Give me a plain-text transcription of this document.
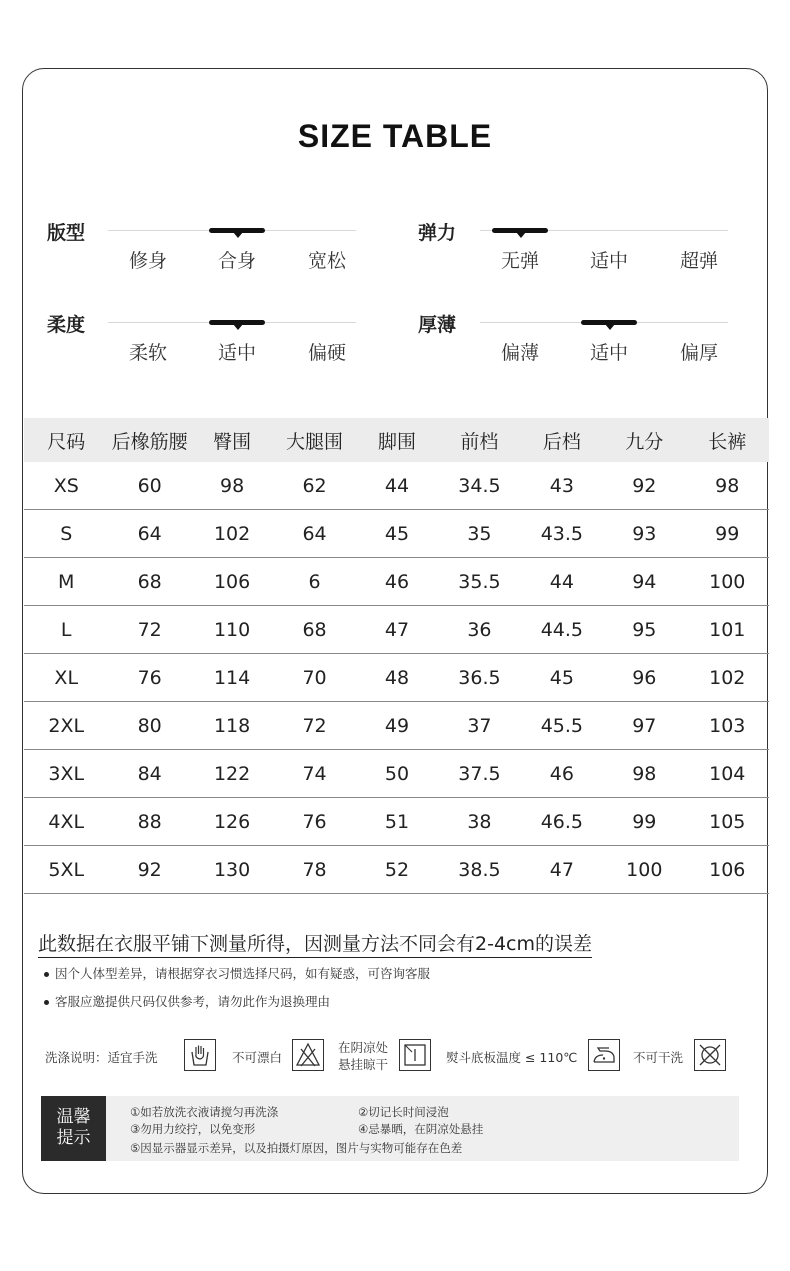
SIZE TABLE
版型
修身	合身	宽松
弹力
无弹	适中	超弹
柔度
柔软	适中	偏硬
厚薄
偏薄	适中	偏厚
尺码	后橡筋腰	臀围	大腿围	脚围	前档	后档	九分	长裤
XS	60	98	62	44	34.5	43	92	98
S	64	102	64	45	35	43.5	93	99
M	68	106	6	46	35.5	44	94	100
L	72	110	68	47	36	44.5	95	101
XL	76	114	70	48	36.5	45	96	102
2XL	80	118	72	49	37	45.5	97	103
3XL	84	122	74	50	37.5	46	98	104
4XL	88	126	76	51	38	46.5	99	105
5XL	92	130	78	52	38.5	47	100	106
此数据在衣服平铺下测量所得，因测量方法不同会有2-4cm的误差
因个人体型差异，请根据穿衣习惯选择尺码，如有疑惑，可咨询客服
客服应邀提供尺码仅供参考，请勿此作为退换理由
洗涤说明：适宜手洗	不可漂白
在阴凉处
悬挂晾干	熨斗底板温度 ≤ 110℃	不可干洗
温馨
提示
①如若放洗衣液请搅匀再洗涤	②切记长时间浸泡
③勿用力绞拧，以免变形	④忌暴晒，在阴凉处悬挂
⑤因显示器显示差异，以及拍摄灯原因，图片与实物可能存在色差
